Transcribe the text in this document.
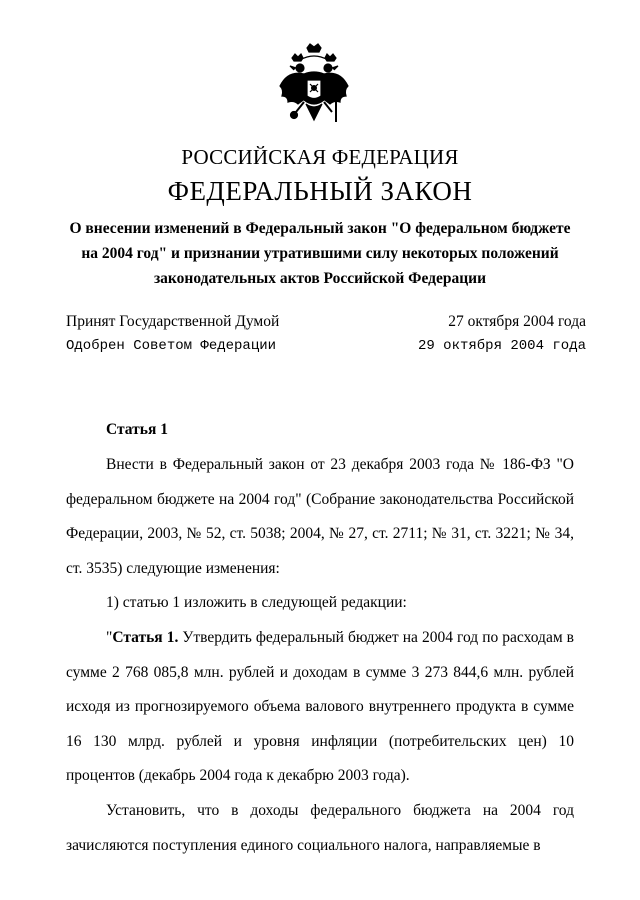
РОССИЙСКАЯ ФЕДЕРАЦИЯ
ФЕДЕРАЛЬНЫЙ ЗАКОН
О внесении изменений в Федеральный закон "О федеральном бюджете на 2004 год" и признании утратившими силу некоторых положений законодательных актов Российской Федерации
Принят Государственной Думой	27 октября 2004 года
Одобрен Советом Федерации	29 октября 2004 года
Статья 1
Внести в Федеральный закон от 23 декабря 2003 года № 186-ФЗ "О федеральном бюджете на 2004 год" (Собрание законодательства Российской Федерации, 2003, № 52, ст. 5038; 2004, № 27, ст. 2711; № 31, ст. 3221; № 34, ст. 3535) следующие изменения:
1) статью 1 изложить в следующей редакции:
"Статья 1. Утвердить федеральный бюджет на 2004 год по расходам в сумме 2 768 085,8 млн. рублей и доходам в сумме 3 273 844,6 млн. рублей исходя из прогнозируемого объема валового внутреннего продукта в сумме 16 130 млрд. рублей и уровня инфляции (потребительских цен) 10 процентов (декабрь 2004 года к декабрю 2003 года).
Установить, что в доходы федерального бюджета на 2004 год зачисляются поступления единого социального налога, направляемые в
